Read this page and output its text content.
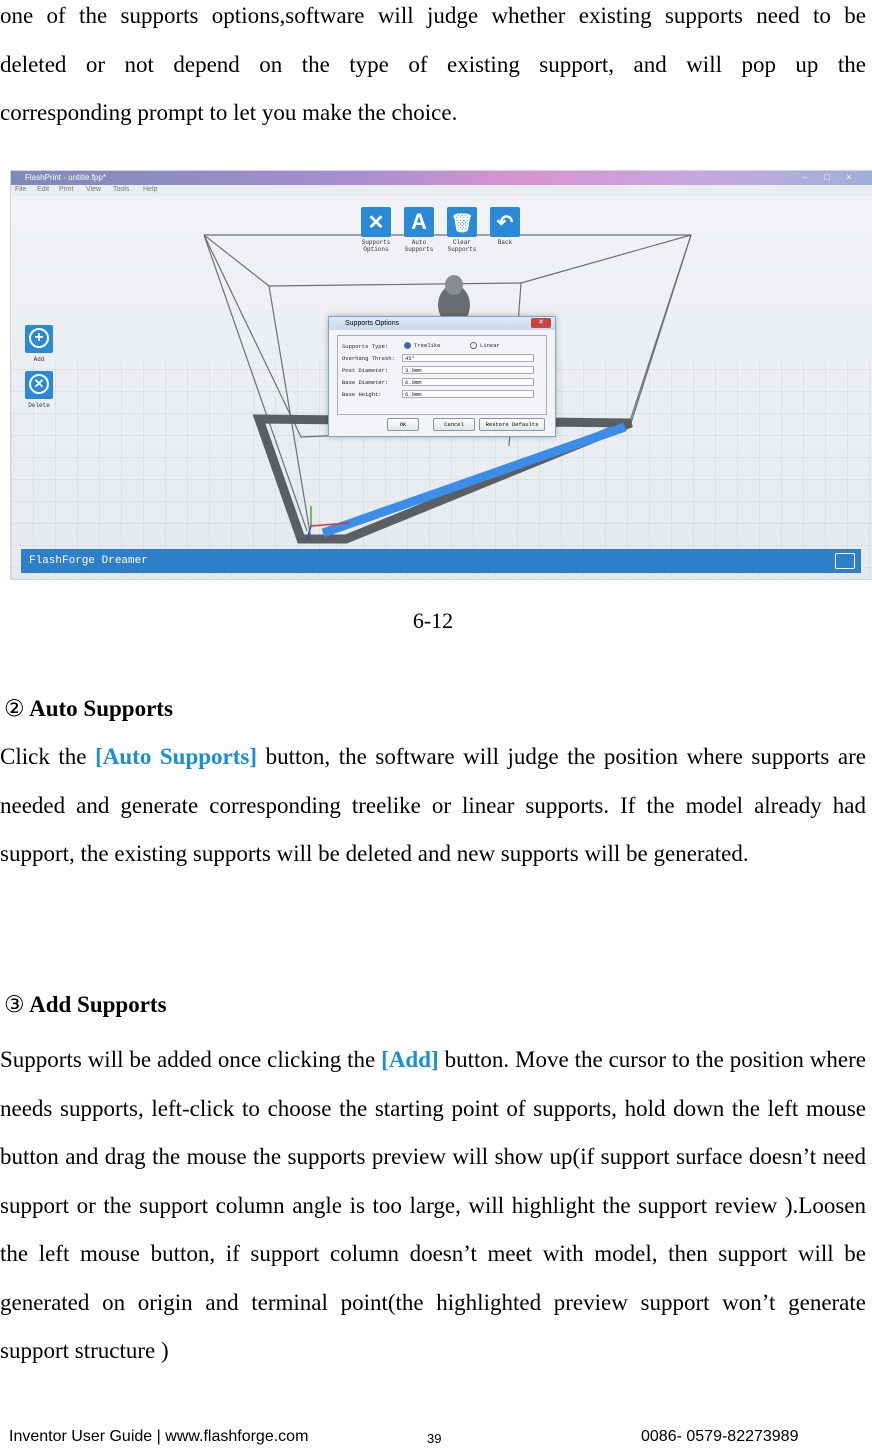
one of the supports options,software will judge whether existing supports need to be
deleted or not depend on the type of existing support, and will pop up the
corresponding prompt to let you make the choice.
FlashPrint - untitle.fpp*	–	□	×
File Edit Print View Tools Help
✕
Supports
Options
A
Auto
Supports
🗑
Clear
Supports
↶
Back
+
Add
✕
Delete
Supports Options	✕
Supports Type:	Treelike	Linear
Overhang Thresh:	45°
Post Diameter:	3.0mm
Base Diameter:	6.0mm
Base Height:	6.0mm
OK	Cancel	Restore Defaults
FlashForge Dreamer
6-12
② Auto Supports
Click the [Auto Supports] button, the software will judge the position where supports are needed and generate corresponding treelike or linear supports. If the model already had support, the existing supports will be deleted and new supports will be generated.
③ Add Supports
Supports will be added once clicking the [Add] button. Move the cursor to the position where needs supports, left-click to choose the starting point of supports, hold down the left mouse button and drag the mouse the supports preview will show up(if support surface doesn’t need support or the support column angle is too large, will highlight the support review ).Loosen the left mouse button, if support column doesn’t meet with model, then support will be generated on origin and terminal point(the highlighted preview support won’t generate support structure )
Inventor User Guide | www.flashforge.com	39	0086- 0579-82273989
